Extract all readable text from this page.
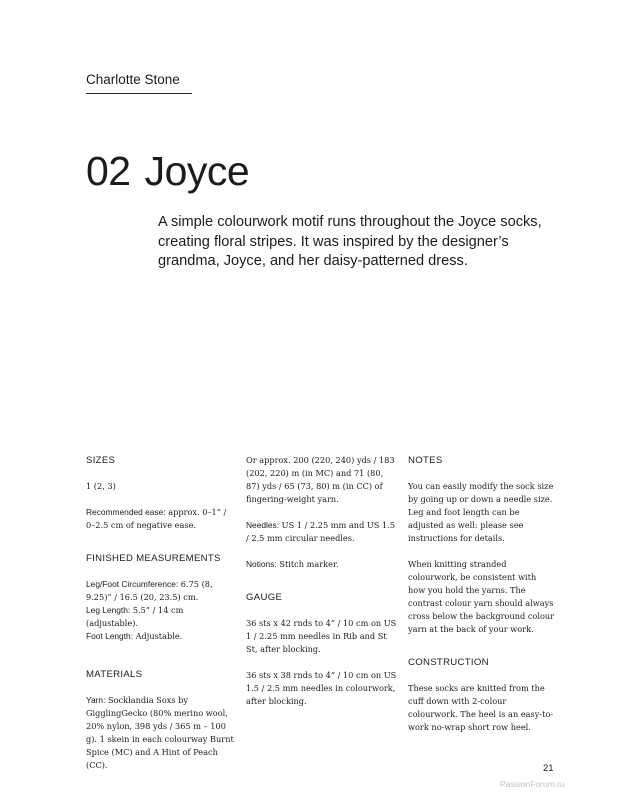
Charlotte Stone
02 Joyce
A simple colourwork motif runs throughout the Joyce socks, creating floral stripes. It was inspired by the designer’s grandma, Joyce, and her daisy-patterned dress.
SIZES

1 (2, 3)

Recommended ease: approx. 0–1” / 0–2.5 cm of negative ease.

FINISHED MEASUREMENTS
Leg/Foot Circumference: 6.75 (8, 9.25)” / 16.5 (20, 23.5) cm.
Leg Length: 5.5” / 14 cm (adjustable).
Foot Length: Adjustable.
MATERIALS

Yarn: Socklandia Soxs by GigglingGecko (80% merino wool, 20% nylon, 398 yds / 365 m – 100 g). 1 skein in each colourway Burnt Spice (MC) and A Hint of Peach (CC).

Or approx. 200 (220, 240) yds / 183 (202, 220) m (in MC) and 71 (80, 87) yds / 65 (73, 80) m (in CC) of fingering-weight yarn.

Needles: US 1 / 2.25 mm and US 1.5 / 2.5 mm circular needles.

Notions: Stitch marker.

GAUGE

36 sts x 42 rnds to 4” / 10 cm on US 1 / 2.25 mm needles in Rib and St St, after blocking.

36 sts x 38 rnds to 4” / 10 cm on US 1.5 / 2.5 mm needles in colourwork, after blocking.

NOTES

You can easily modify the sock size by going up or down a needle size. Leg and foot length can be adjusted as well: please see instructions for details.

When knitting stranded colourwork, be consistent with how you hold the yarns. The contrast colour yarn should always cross below the background colour yarn at the back of your work.

CONSTRUCTION

These socks are knitted from the cuff down with 2-colour colourwork. The heel is an easy-to-work no-wrap short row heel.

21
PassionForum.ru
